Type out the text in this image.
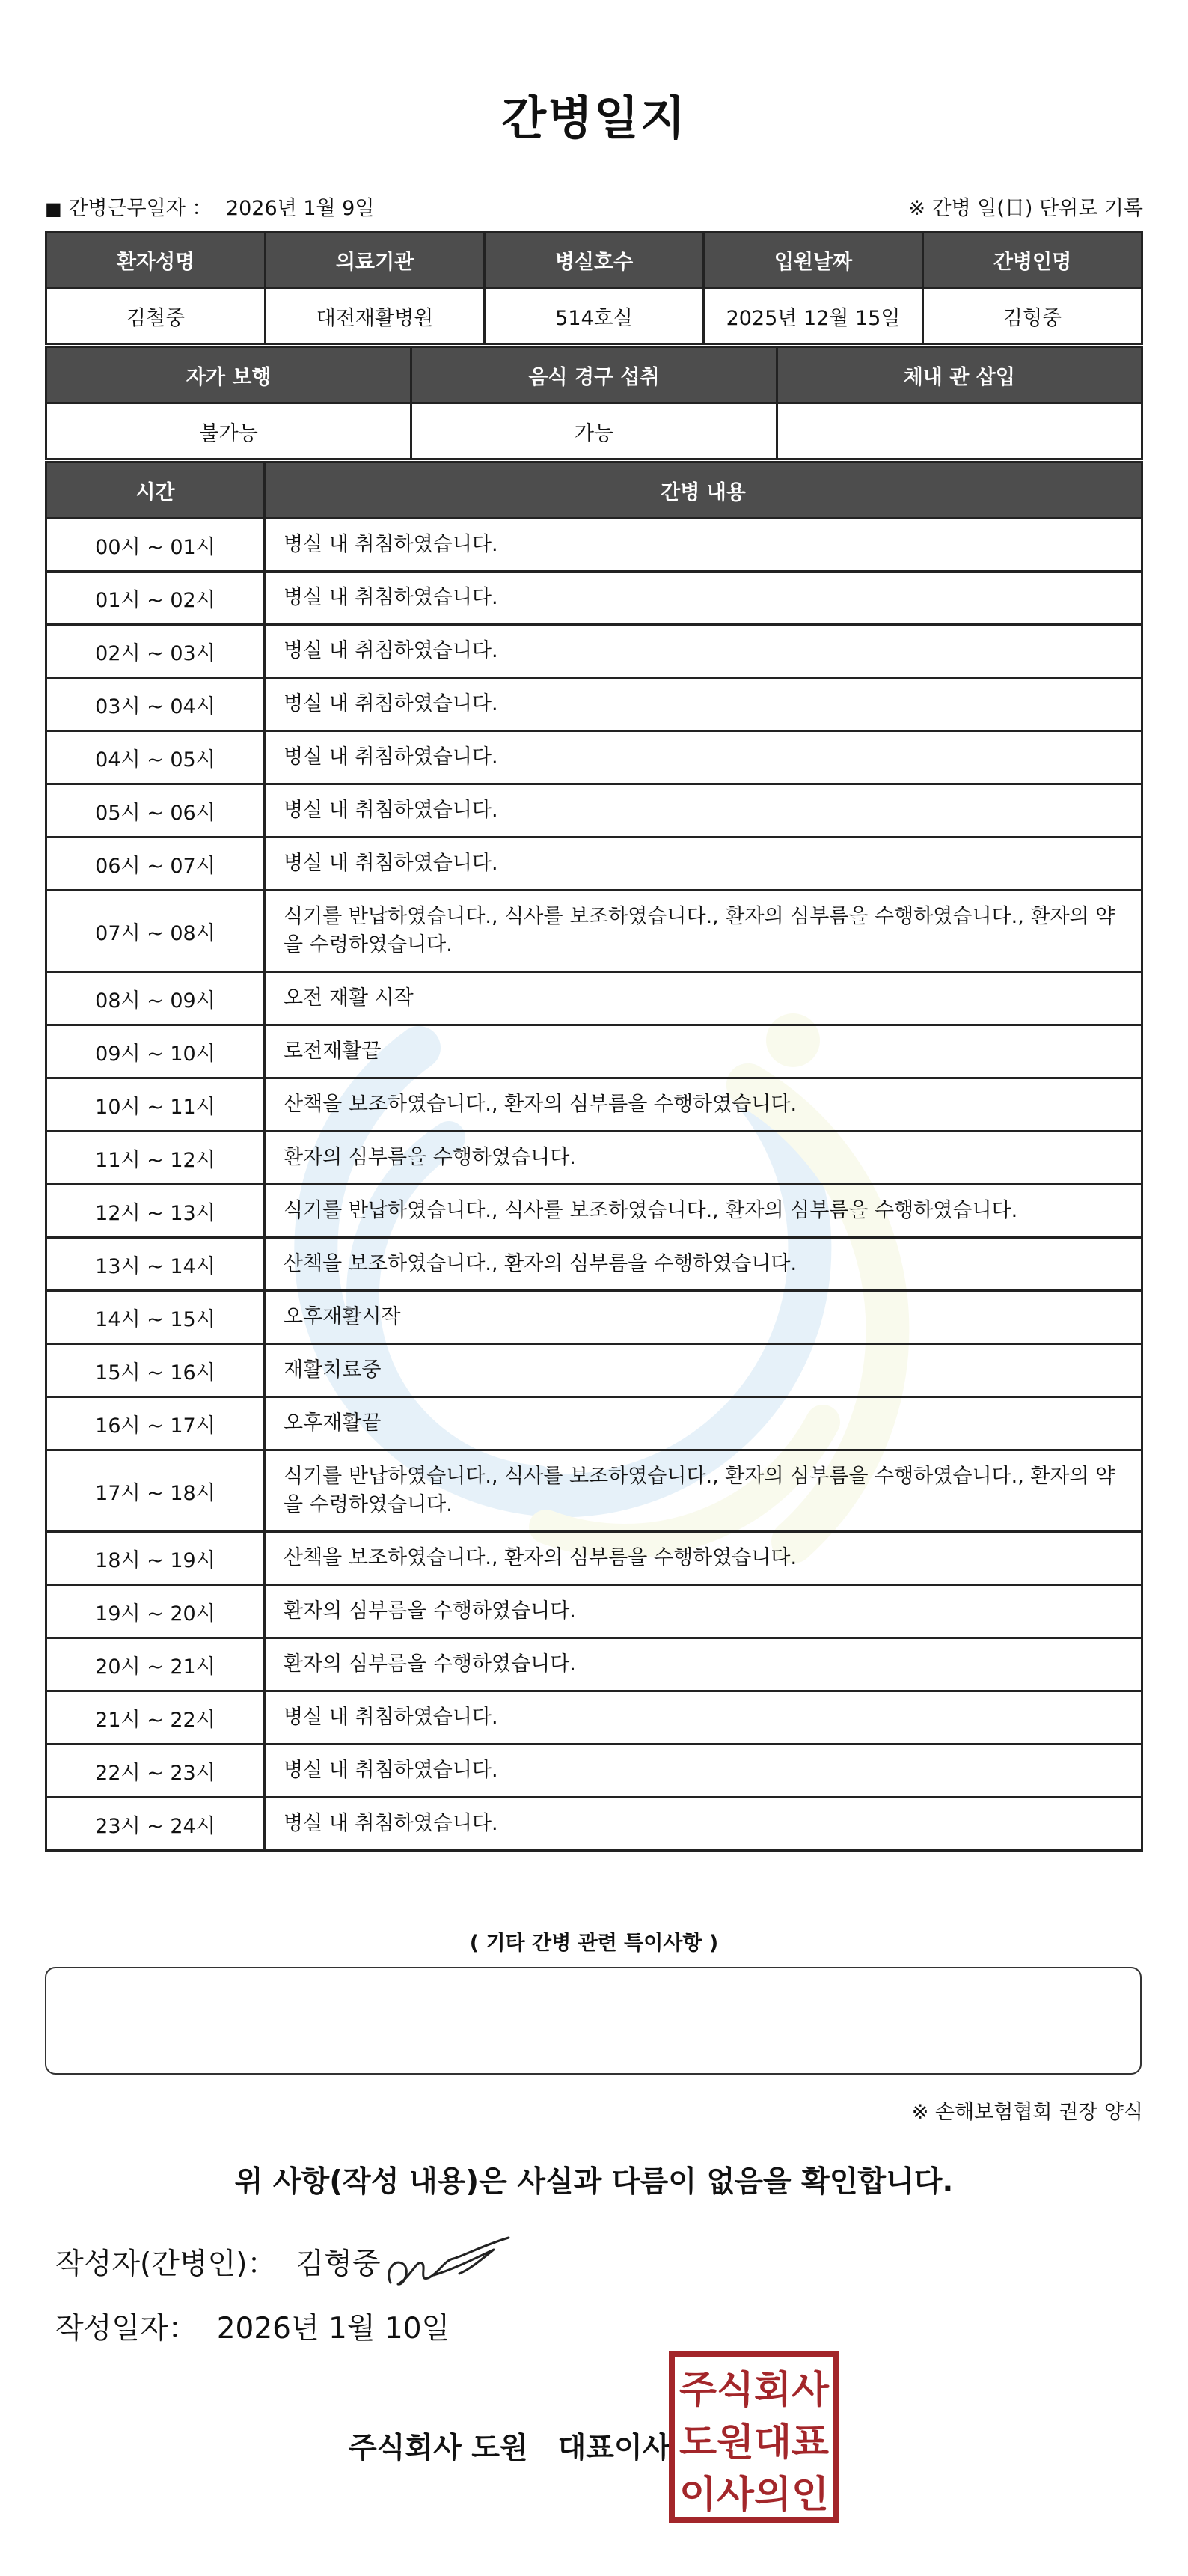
간병일지
■ 간병근무일자 ： 2026년 1월 9일	※ 간병 일(日) 단위로 기록
환자성명	의료기관	병실호수	입원날짜	간병인명
김철중	대전재활병원	514호실	2025년 12월 15일	김형중
자가 보행	음식 경구 섭취	체내 관 삽입
불가능	가능	
시간	간병 내용
00시 ~ 01시	병실 내 취침하였습니다.
01시 ~ 02시	병실 내 취침하였습니다.
02시 ~ 03시	병실 내 취침하였습니다.
03시 ~ 04시	병실 내 취침하였습니다.
04시 ~ 05시	병실 내 취침하였습니다.
05시 ~ 06시	병실 내 취침하였습니다.
06시 ~ 07시	병실 내 취침하였습니다.
07시 ~ 08시	식기를 반납하였습니다., 식사를 보조하였습니다., 환자의 심부름을 수행하였습니다., 환자의 약을 수령하였습니다.
08시 ~ 09시	오전 재활 시작
09시 ~ 10시	로전재활끝
10시 ~ 11시	산책을 보조하였습니다., 환자의 심부름을 수행하였습니다.
11시 ~ 12시	환자의 심부름을 수행하였습니다.
12시 ~ 13시	식기를 반납하였습니다., 식사를 보조하였습니다., 환자의 심부름을 수행하였습니다.
13시 ~ 14시	산책을 보조하였습니다., 환자의 심부름을 수행하였습니다.
14시 ~ 15시	오후재활시작
15시 ~ 16시	재활치료중
16시 ~ 17시	오후재활끝
17시 ~ 18시	식기를 반납하였습니다., 식사를 보조하였습니다., 환자의 심부름을 수행하였습니다., 환자의 약을 수령하였습니다.
18시 ~ 19시	산책을 보조하였습니다., 환자의 심부름을 수행하였습니다.
19시 ~ 20시	환자의 심부름을 수행하였습니다.
20시 ~ 21시	환자의 심부름을 수행하였습니다.
21시 ~ 22시	병실 내 취침하였습니다.
22시 ~ 23시	병실 내 취침하였습니다.
23시 ~ 24시	병실 내 취침하였습니다.
( 기타 간병 관련 특이사항 )
※ 손해보험협회 권장 양식
위 사항(작성 내용)은 사실과 다름이 없음을 확인합니다.
작성자(간병인)： 김형중
작성일자： 2026년 1월 10일
주식회사 도원 대표이사
주식회사
도원대표
이사의인
